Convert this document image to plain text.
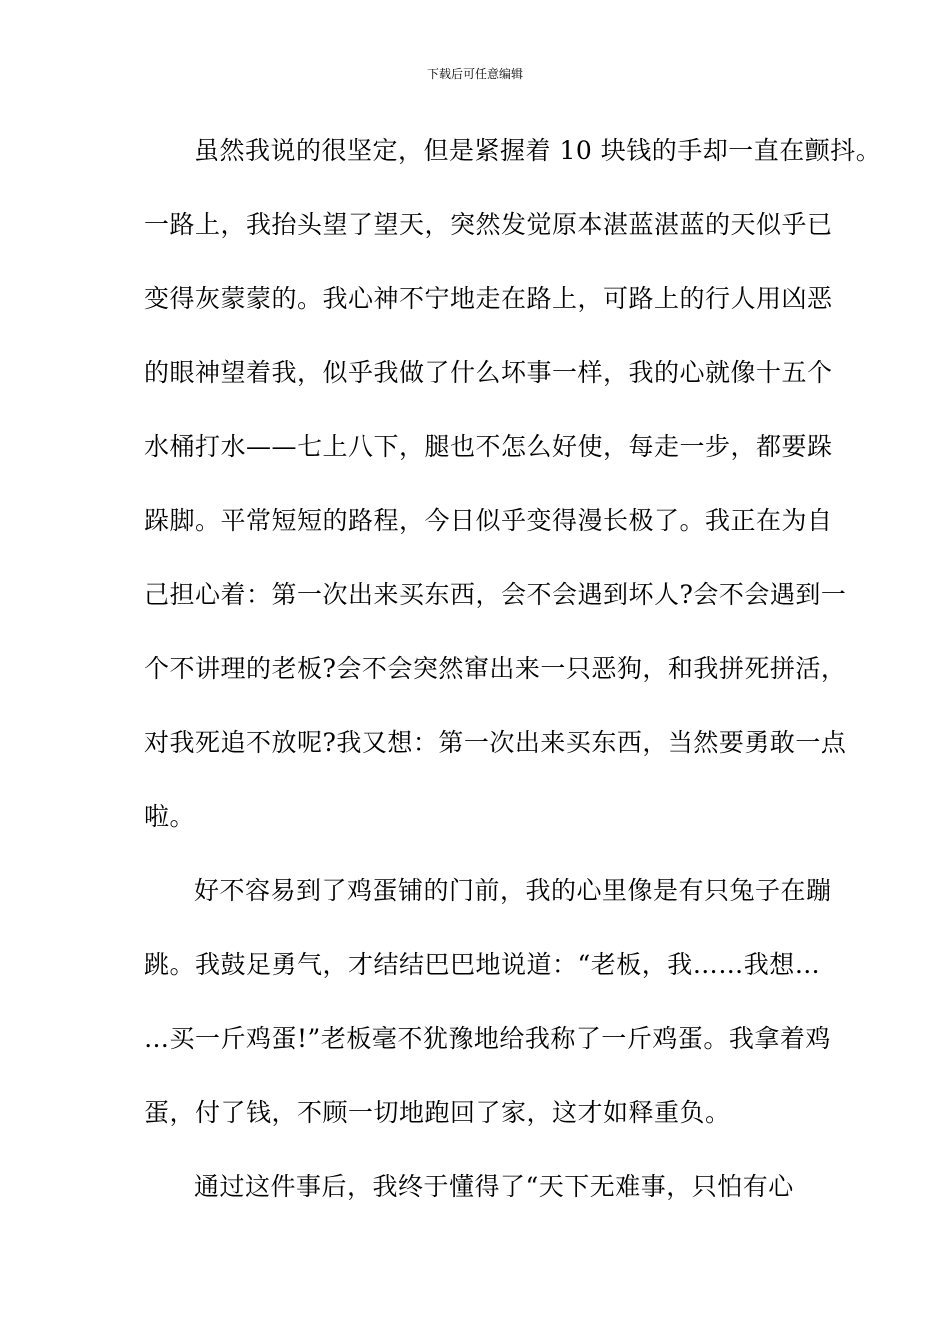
下载后可任意编辑
虽然我说的很坚定，但是紧握着 10 块钱的手却一直在颤抖。
一路上，我抬头望了望天，突然发觉原本湛蓝湛蓝的天似乎已
变得灰蒙蒙的。我心神不宁地走在路上，可路上的行人用凶恶
的眼神望着我，似乎我做了什么坏事一样，我的心就像十五个
水桶打水——七上八下，腿也不怎么好使，每走一步，都要跺
跺脚。平常短短的路程，今日似乎变得漫长极了。我正在为自
己担心着：第一次出来买东西，会不会遇到坏人?会不会遇到一
个不讲理的老板?会不会突然窜出来一只恶狗，和我拼死拼活，
对我死追不放呢?我又想：第一次出来买东西，当然要勇敢一点
啦。
好不容易到了鸡蛋铺的门前，我的心里像是有只兔子在蹦
跳。我鼓足勇气，才结结巴巴地说道：“老板，我……我想…
…买一斤鸡蛋!”老板毫不犹豫地给我称了一斤鸡蛋。我拿着鸡
蛋，付了钱，不顾一切地跑回了家，这才如释重负。
通过这件事后，我终于懂得了“天下无难事，只怕有心
